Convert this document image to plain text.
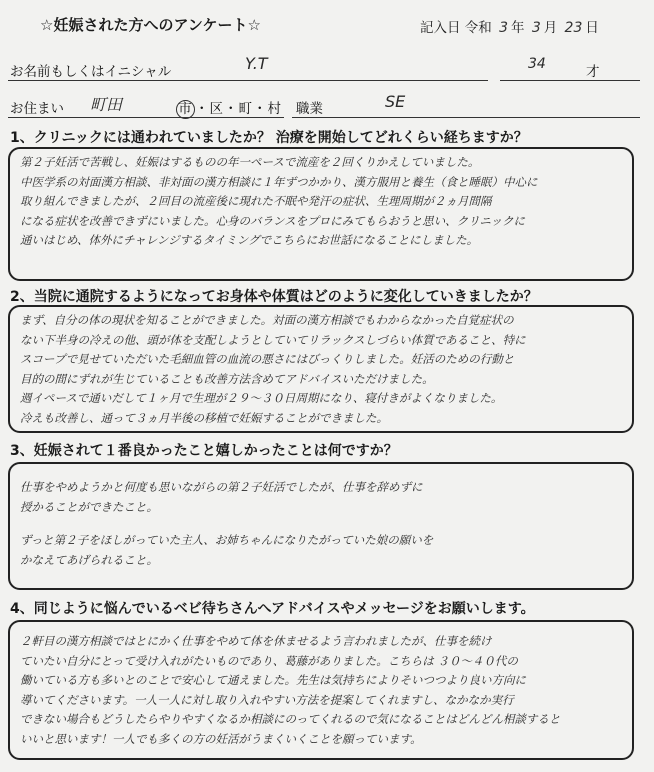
☆妊娠された方へのアンケート☆	記入日 令和 3 年 3 月 23 日
お名前もしくはイニシャル	Y.T	34	才
お住まい 町田	市 ・区・町・村 職業	SE
1、クリニックには通われていましたか？ 治療を開始してどれくらい経ちますか？

第２子妊活で苦戦し、妊娠はするものの年一ペースで流産を２回くりかえしていました。

中医学系の対面漢方相談、非対面の漢方相談に１年ずつかかり、漢方服用と養生（食と睡眠）中心に

取り組んできましたが、２回目の流産後に現れた不眠や発汗の症状、生理周期が２ヵ月間隔

になる症状を改善できずにいました。心身のバランスをプロにみてもらおうと思い、クリニックに

通いはじめ、体外にチャレンジするタイミングでこちらにお世話になることにしました。

2、当院に通院するようになってお身体や体質はどのように変化していきましたか？

まず、自分の体の現状を知ることができました。対面の漢方相談でもわからなかった自覚症状の

ない下半身の冷えの他、頭が体を支配しようとしていてリラックスしづらい体質であること、特に

スコープで見せていただいた毛細血管の血流の悪さにはびっくりしました。妊活のための行動と

目的の間にずれが生じていることも改善方法含めてアドバイスいただけました。

週イペースで通いだして１ヶ月で生理が２９〜３０日周期になり、寝付きがよくなりました。

冷えも改善し、通って３ヵ月半後の移植で妊娠することができました。

3、妊娠されて１番良かったこと嬉しかったことは何ですか？

仕事をやめようかと何度も思いながらの第２子妊活でしたが、仕事を辞めずに

授かることができたこと。

ずっと第２子をほしがっていた主人、お姉ちゃんになりたがっていた娘の願いを

かなえてあげられること。

4、同じように悩んでいるベビ待ちさんへアドバイスやメッセージをお願いします。

２軒目の漢方相談ではとにかく仕事をやめて体を休ませるよう言われましたが、仕事を続け

ていたい自分にとって受け入れがたいものであり、葛藤がありました。こちらは ３０〜４０代の

働いている方も多いとのことで安心して通えました。先生は気持ちによりそいつつより良い方向に

導いてくださいます。一人一人に対し取り入れやすい方法を提案してくれますし、なかなか実行

できない場合もどうしたらやりやすくなるか相談にのってくれるので気になることはどんどん相談すると

いいと思います！一人でも多くの方の妊活がうまくいくことを願っています。
